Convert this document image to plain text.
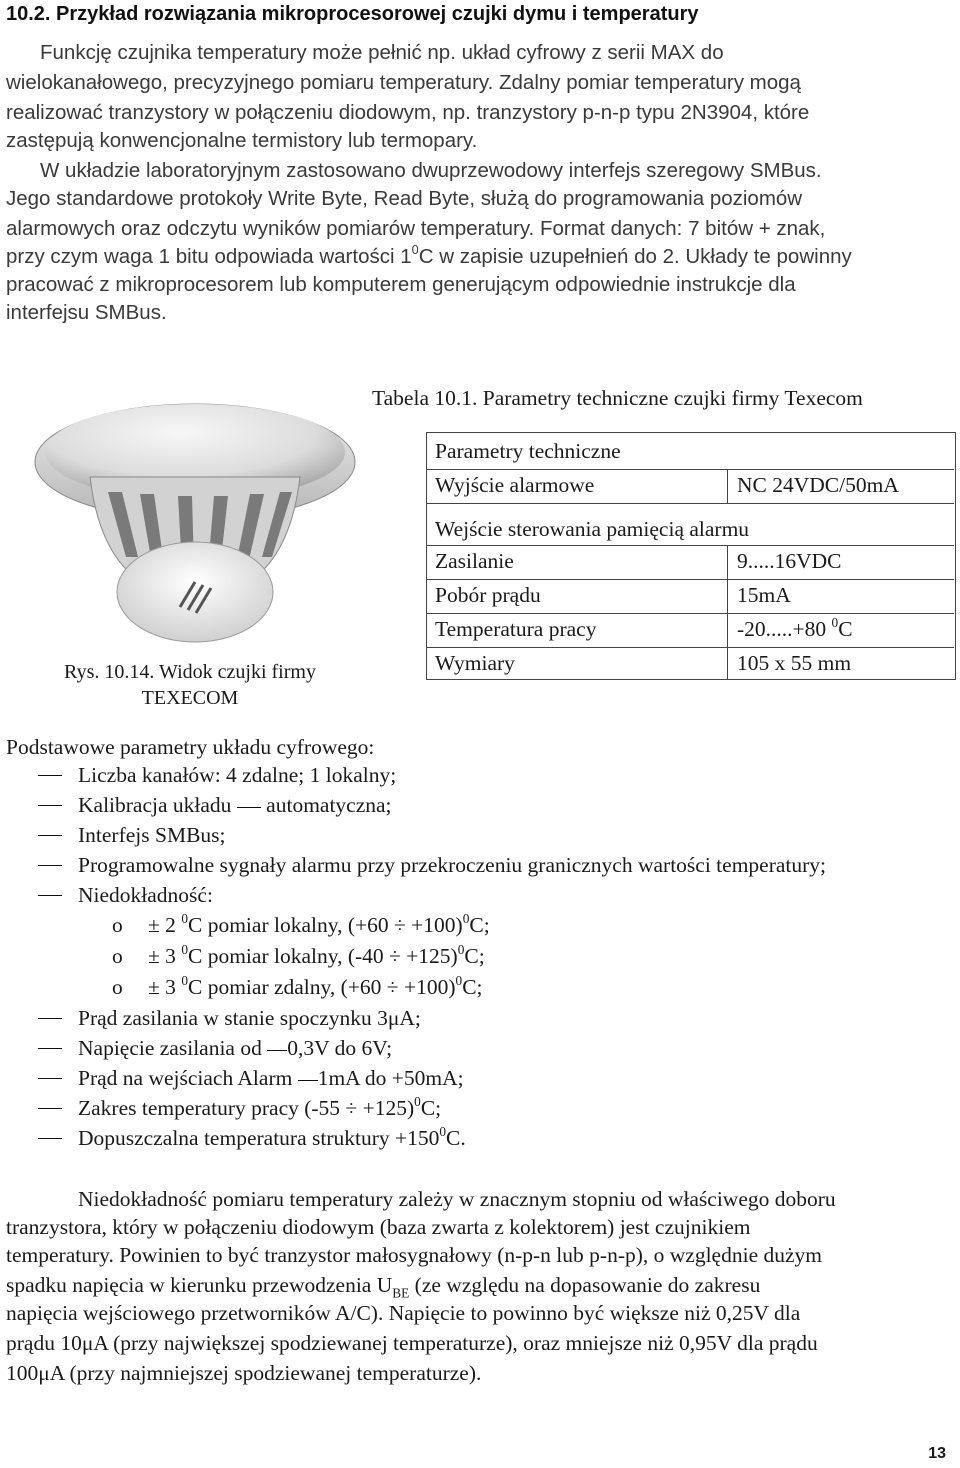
10.2. Przykład rozwiązania mikroprocesorowej czujki dymu i temperatury
Funkcję czujnika temperatury może pełnić np. układ cyfrowy z serii MAX do
wielokanałowego, precyzyjnego pomiaru temperatury. Zdalny pomiar temperatury mogą
realizować tranzystory w połączeniu diodowym, np. tranzystory p-n-p typu 2N3904, które
zastępują konwencjonalne termistory lub termopary.
W układzie laboratoryjnym zastosowano dwuprzewodowy interfejs szeregowy SMBus.
Jego standardowe protokoły Write Byte, Read Byte, służą do programowania poziomów
alarmowych oraz odczytu wyników pomiarów temperatury. Format danych: 7 bitów + znak,
przy czym waga 1 bitu odpowiada wartości $1^0C$ w zapisie uzupełnień do 2. Układy te powinny
pracować z mikroprocesorem lub komputerem generującym odpowiednie instrukcje dla
interfejsu SMBus.
Rys. 10.14. Widok czujki firmy
TEXECOM
Tabela 10.1. Parametry techniczne czujki firmy Texecom
Parametry techniczne
Wyjście alarmowe	NC 24VDC/50mA
Wejście sterowania pamięcią alarmu
Zasilanie	9.....16VDC
Pobór prądu	15mA
Temperatura pracy	-20.....+80 $^0$C
Wymiary	105 x 55 mm
Podstawowe parametry układu cyfrowego:
Liczba kanałów: 4 zdalne; 1 lokalny;
Kalibracja układu automatyczna;
Interfejs SMBus;
Programowalne sygnały alarmu przy przekroczeniu granicznych wartości temperatury;
Niedokładność:
o ± 2 $^0$C pomiar lokalny, $(+60 \div +100)^0C$;
o ± 3 $^0$C pomiar lokalny, $(-40 \div +125)^0C$;
o ± 3 $^0$C pomiar zdalny, $(+60 \div +100)^0C$;
Prąd zasilania w stanie spoczynku 3μA;
Napięcie zasilania od 0,3V do 6V;
Prąd na wejściach Alarm 1mA do +50mA;
Zakres temperatury pracy $(-55 \div +125)^0C$;
Dopuszczalna temperatura struktury $+150^0C$.
Niedokładność pomiaru temperatury zależy w znacznym stopniu od właściwego doboru
tranzystora, który w połączeniu diodowym (baza zwarta z kolektorem) jest czujnikiem
temperatury. Powinien to być tranzystor małosygnałowy (n-p-n lub p-n-p), o względnie dużym
spadku napięcia w kierunku przewodzenia $U_{BE}$ (ze względu na dopasowanie do zakresu
napięcia wejściowego przetworników A/C). Napięcie to powinno być większe niż 0,25V dla
prądu 10μA (przy największej spodziewanej temperaturze), oraz mniejsze niż 0,95V dla prądu
100μA (przy najmniejszej spodziewanej temperaturze).
13
